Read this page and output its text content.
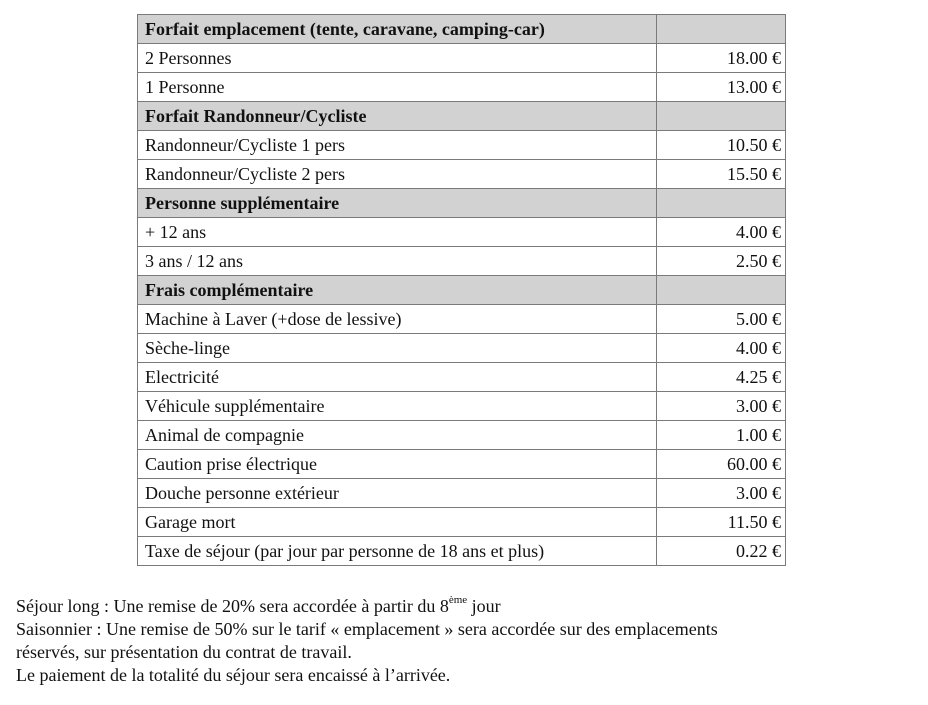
Forfait emplacement (tente, caravane, camping-car)	
2 Personnes	18.00 €
1 Personne	13.00 €
Forfait Randonneur/Cycliste	
Randonneur/Cycliste 1 pers	10.50 €
Randonneur/Cycliste 2 pers	15.50 €
Personne supplémentaire	
+ 12 ans	4.00 €
3 ans / 12 ans	2.50 €
Frais complémentaire	
Machine à Laver (+dose de lessive)	5.00 €
Sèche-linge	4.00 €
Electricité	4.25 €
Véhicule supplémentaire	3.00 €
Animal de compagnie	1.00 €
Caution prise électrique	60.00 €
Douche personne extérieur	3.00 €
Garage mort	11.50 €
Taxe de séjour (par jour par personne de 18 ans et plus)	0.22 €

Séjour long : Une remise de 20% sera accordée à partir du 8ème jour

Saisonnier : Une remise de 50% sur le tarif « emplacement » sera accordée sur des emplacements

réservés, sur présentation du contrat de travail.

Le paiement de la totalité du séjour sera encaissé à l’arrivée.
